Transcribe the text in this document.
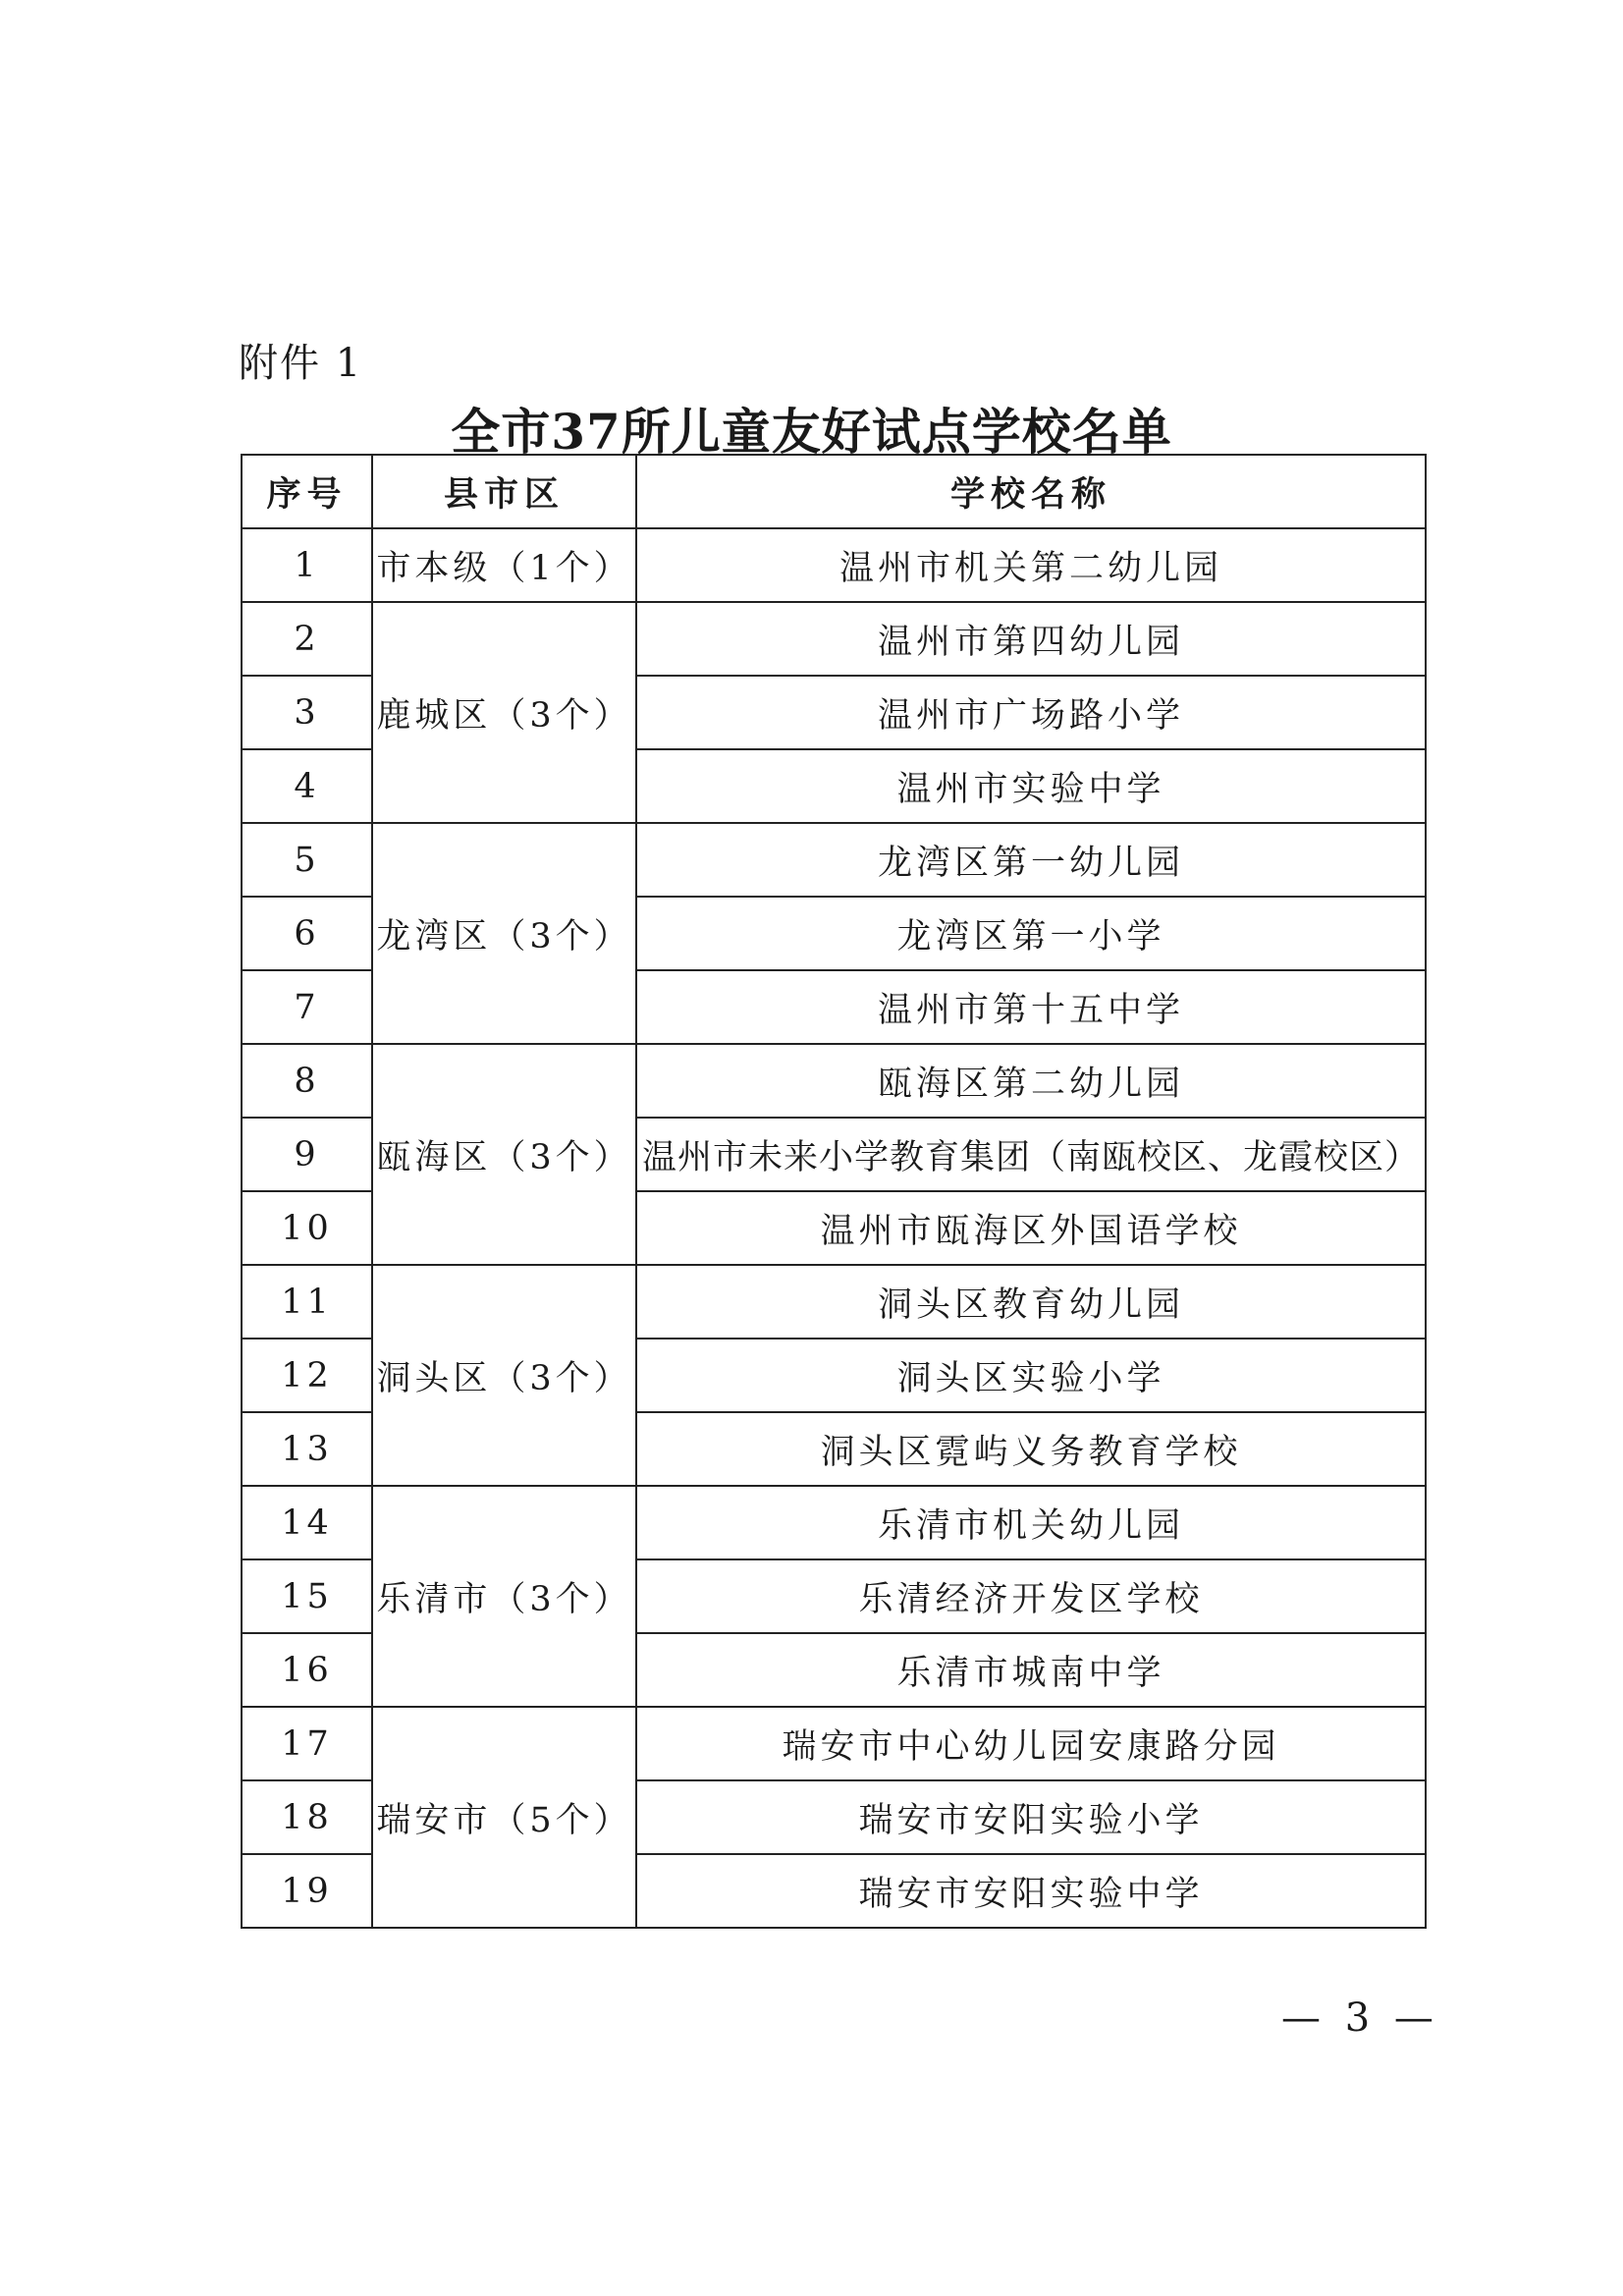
附件 1
全市37所儿童友好试点学校名单
序号	县市区	学校名称
1	市本级（1个）	温州市机关第二幼儿园
2	鹿城区（3个）	温州市第四幼儿园
3		温州市广场路小学
4		温州市实验中学
5	龙湾区（3个）	龙湾区第一幼儿园
6		龙湾区第一小学
7		温州市第十五中学
8	瓯海区（3个）	瓯海区第二幼儿园
9		温州市未来小学教育集团（南瓯校区、龙霞校区）
10		温州市瓯海区外国语学校
11	洞头区（3个）	洞头区教育幼儿园
12		洞头区实验小学
13		洞头区霓屿义务教育学校
14	乐清市（3个）	乐清市机关幼儿园
15		乐清经济开发区学校
16		乐清市城南中学
17	瑞安市（5个）	瑞安市中心幼儿园安康路分园
18		瑞安市安阳实验小学
19		瑞安市安阳实验中学
— 3 —
